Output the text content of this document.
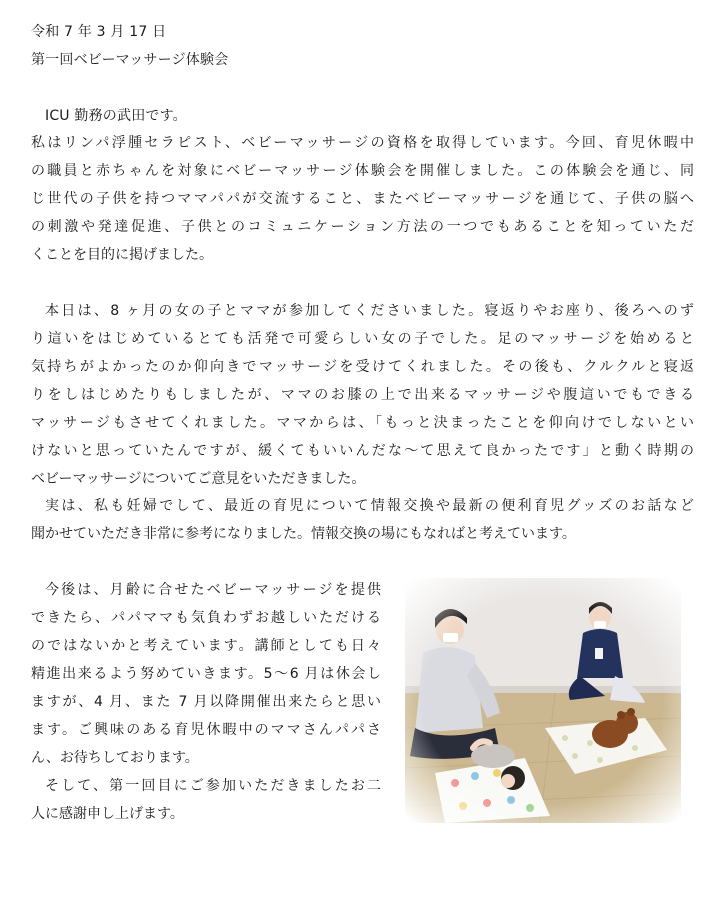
令和 7 年 3 月 17 日
第一回ベビーマッサージ体験会
ICU 勤務の武田です。
私はリンパ浮腫セラピスト、ベビーマッサージの資格を取得しています。今回、育児休暇中
の職員と赤ちゃんを対象にベビーマッサージ体験会を開催しました。この体験会を通じ、同
じ世代の子供を持つママパパが交流すること、またベビーマッサージを通じて、子供の脳へ
の刺激や発達促進、子供とのコミュニケーション方法の一つでもあることを知っていただ
くことを目的に掲げました。
本日は、8 ヶ月の女の子とママが参加してくださいました。寝返りやお座り、後ろへのず
り這いをはじめているとても活発で可愛らしい女の子でした。足のマッサージを始めると
気持ちがよかったのか仰向きでマッサージを受けてくれました。その後も、クルクルと寝返
りをしはじめたりもしましたが、ママのお膝の上で出来るマッサージや腹這いでもできる
マッサージもさせてくれました。ママからは、「もっと決まったことを仰向けでしないとい
けないと思っていたんですが、緩くてもいいんだな〜て思えて良かったです」と動く時期の
ベビーマッサージについてご意見をいただきました。
実は、私も妊婦でして、最近の育児について情報交換や最新の便利育児グッズのお話など
聞かせていただき非常に参考になりました。情報交換の場にもなればと考えています。
今後は、月齢に合せたベビーマッサージを提供
できたら、パパママも気負わずお越しいただける
のではないかと考えています。講師としても日々
精進出来るよう努めていきます。5〜6 月は休会し
ますが、4 月、また 7 月以降開催出来たらと思い
ます。ご興味のある育児休暇中のママさんパパさ
ん、お待ちしております。
そして、第一回目にご参加いただきましたお二
人に感謝申し上げます。
